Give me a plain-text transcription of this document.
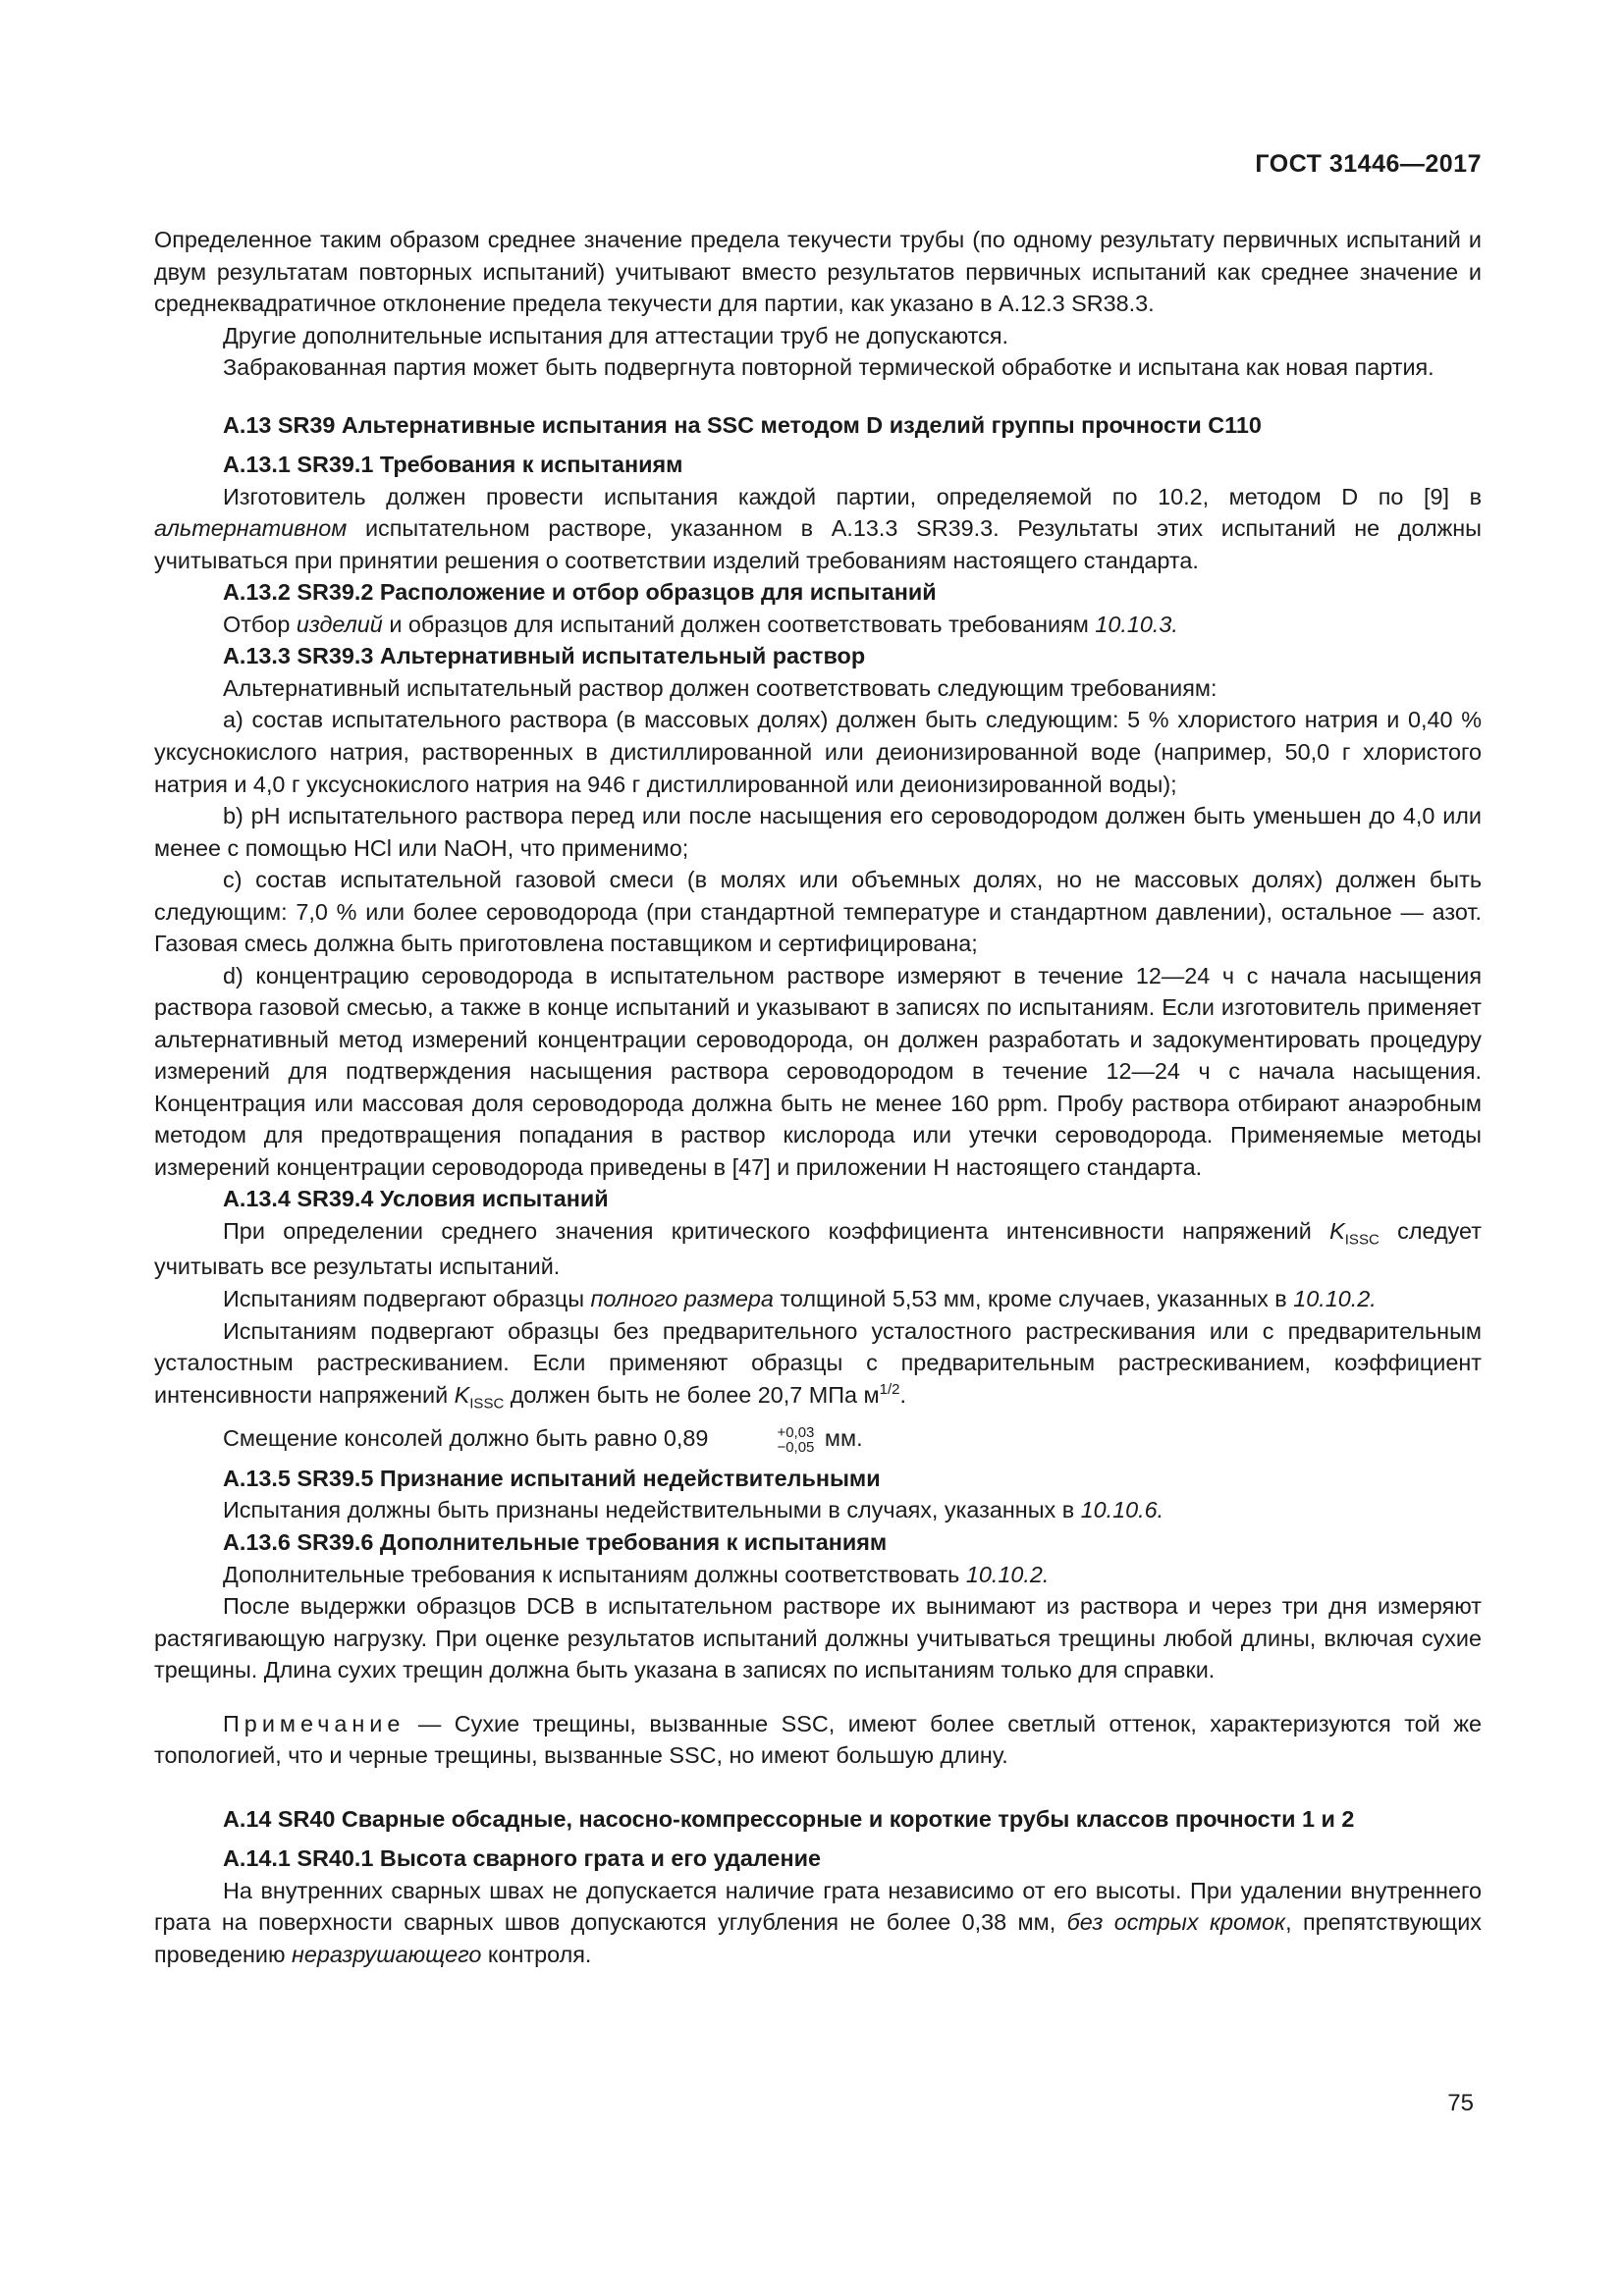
ГОСТ 31446—2017

Определенное таким образом среднее значение предела текучести трубы (по одному результату первичных испытаний и двум результатам повторных испытаний) учитывают вместо результатов первичных испытаний как среднее значение и среднеквадратичное отклонение предела текучести для партии, как указано в А.12.3 SR38.3.

Другие дополнительные испытания для аттестации труб не допускаются.

Забракованная партия может быть подвергнута повторной термической обработке и испытана как новая партия.

А.13 SR39 Альтернативные испытания на SSC методом D изделий группы прочности С110

А.13.1 SR39.1 Требования к испытаниям

Изготовитель должен провести испытания каждой партии, определяемой по 10.2, методом D по [9] в альтернативном испытательном растворе, указанном в А.13.3 SR39.3. Результаты этих испытаний не должны учитываться при принятии решения о соответствии изделий требованиям настоящего стандарта.

А.13.2 SR39.2 Расположение и отбор образцов для испытаний

Отбор изделий и образцов для испытаний должен соответствовать требованиям 10.10.3.

А.13.3 SR39.3 Альтернативный испытательный раствор

Альтернативный испытательный раствор должен соответствовать следующим требованиям:

a) состав испытательного раствора (в массовых долях) должен быть следующим: 5 % хлористого натрия и 0,40 % уксуснокислого натрия, растворенных в дистиллированной или деионизированной воде (например, 50,0 г хлористого натрия и 4,0 г уксуснокислого натрия на 946 г дистиллированной или деионизированной воды);

b) pH испытательного раствора перед или после насыщения его сероводородом должен быть уменьшен до 4,0 или менее с помощью HCl или NaOH, что применимо;

c) состав испытательной газовой смеси (в молях или объемных долях, но не массовых долях) должен быть следующим: 7,0 % или более сероводорода (при стандартной температуре и стандартном давлении), остальное — азот. Газовая смесь должна быть приготовлена поставщиком и сертифицирована;

d) концентрацию сероводорода в испытательном растворе измеряют в течение 12—24 ч с начала насыщения раствора газовой смесью, а также в конце испытаний и указывают в записях по испытаниям. Если изготовитель применяет альтернативный метод измерений концентрации сероводорода, он должен разработать и задокументировать процедуру измерений для подтверждения насыщения раствора сероводородом в течение 12—24 ч с начала насыщения. Концентрация или массовая доля сероводорода должна быть не менее 160 ppm. Пробу раствора отбирают анаэробным методом для предотвращения попадания в раствор кислорода или утечки сероводорода. Применяемые методы измерений концентрации сероводорода приведены в [47] и приложении Н настоящего стандарта.

А.13.4 SR39.4 Условия испытаний

При определении среднего значения критического коэффициента интенсивности напряжений $K_{ISSC}$ следует учитывать все результаты испытаний.

Испытаниям подвергают образцы полного размера толщиной 5,53 мм, кроме случаев, указанных в 10.10.2.

Испытаниям подвергают образцы без предварительного усталостного растрескивания или с предварительным усталостным растрескиванием. Если применяют образцы с предварительным растрескиванием, коэффициент интенсивности напряжений $K_{ISSC}$ должен быть не более 20,7 МПа $м^{1/2}$.

Смещение консолей должно быть равно 0,89	+0,03
−0,05 мм.

А.13.5 SR39.5 Признание испытаний недействительными

Испытания должны быть признаны недействительными в случаях, указанных в 10.10.6.

А.13.6 SR39.6 Дополнительные требования к испытаниям

Дополнительные требования к испытаниям должны соответствовать 10.10.2.

После выдержки образцов DCB в испытательном растворе их вынимают из раствора и через три дня измеряют растягивающую нагрузку. При оценке результатов испытаний должны учитываться трещины любой длины, включая сухие трещины. Длина сухих трещин должна быть указана в записях по испытаниям только для справки.

Примечание — Сухие трещины, вызванные SSC, имеют более светлый оттенок, характеризуются той же топологией, что и черные трещины, вызванные SSC, но имеют большую длину.

А.14 SR40 Сварные обсадные, насосно-компрессорные и короткие трубы классов прочности 1 и 2

А.14.1 SR40.1 Высота сварного грата и его удаление

На внутренних сварных швах не допускается наличие грата независимо от его высоты. При удалении внутреннего грата на поверхности сварных швов допускаются углубления не более 0,38 мм, без острых кромок, препятствующих проведению неразрушающего контроля.

75
